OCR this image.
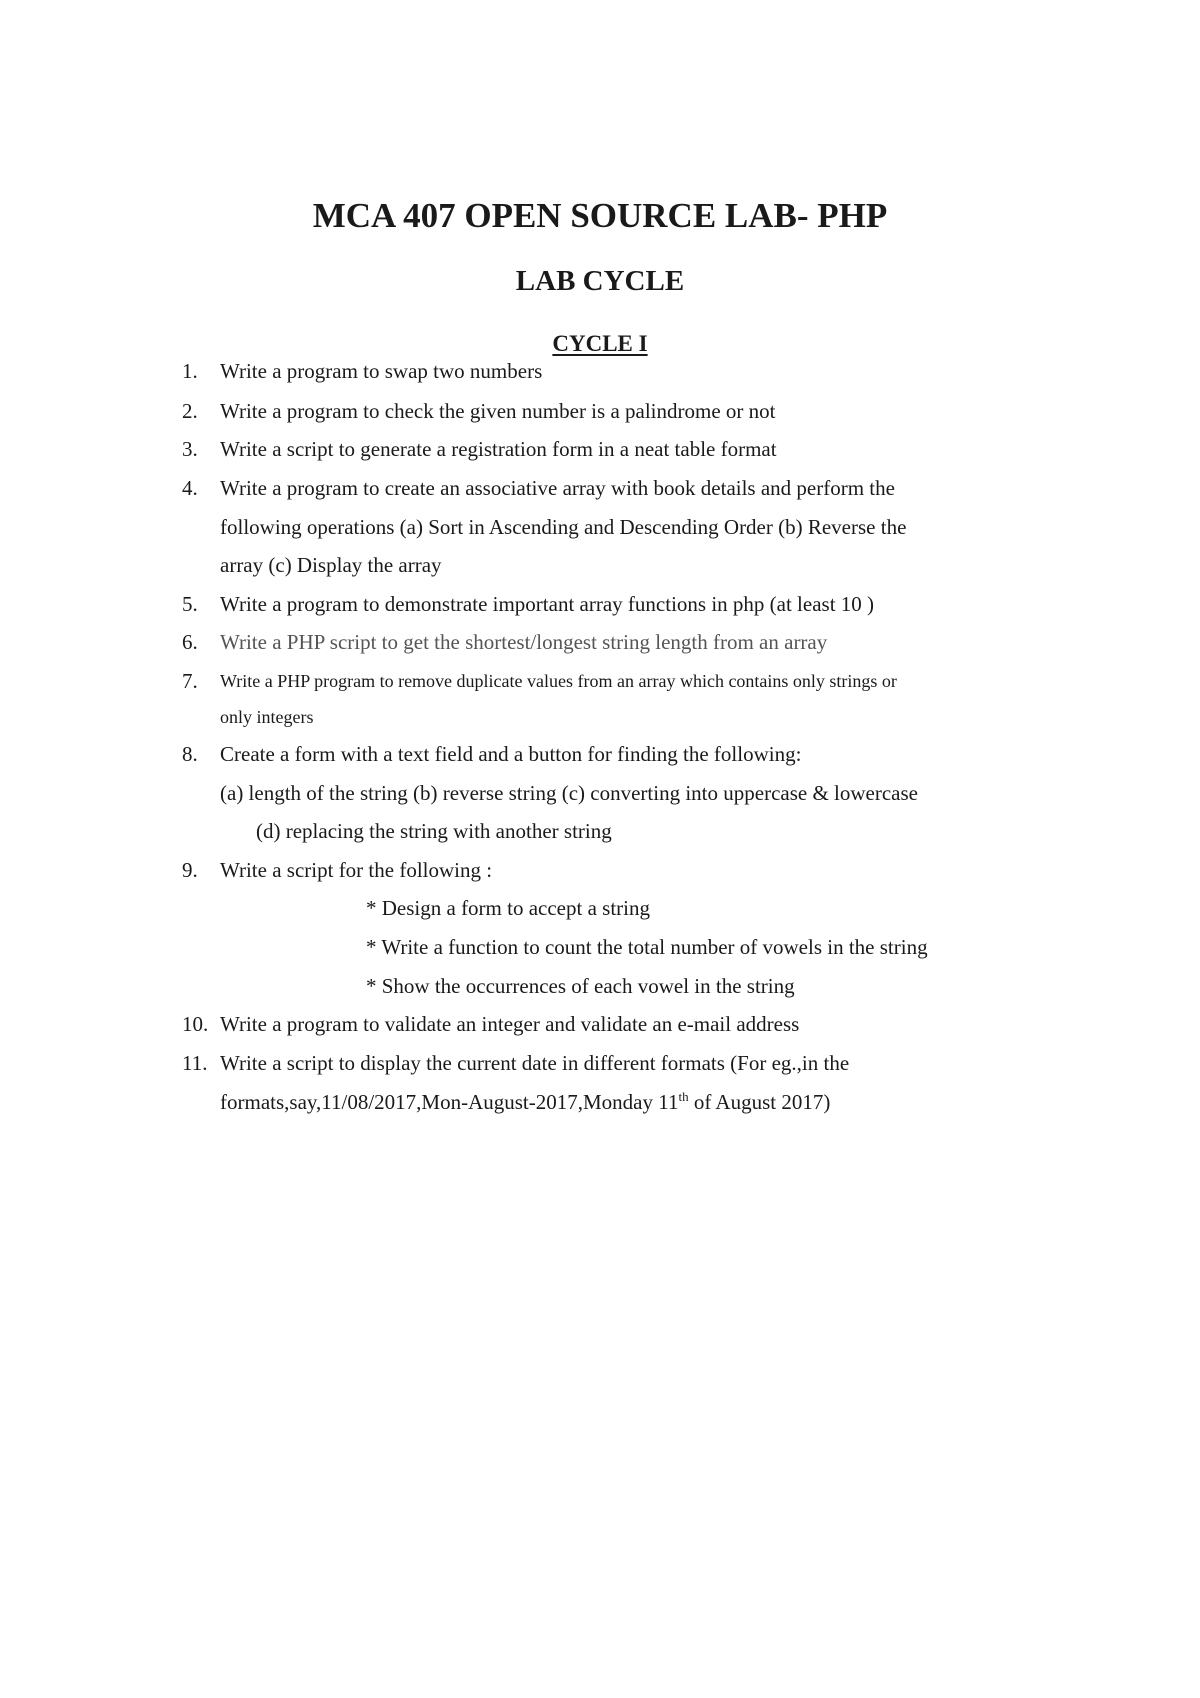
MCA 407 OPEN SOURCE LAB- PHP
LAB CYCLE
CYCLE I
1. Write a program to swap two numbers
2. Write a program to check the given number is a palindrome or not
3. Write a script to generate a registration form in a neat table format
4. Write a program to create an associative array with book details and perform the
following operations (a) Sort in Ascending and Descending Order (b) Reverse the
array (c) Display the array
5. Write a program to demonstrate important array functions in php (at least 10 )
6. Write a PHP script to get the shortest/longest string length from an array
7. Write a PHP program to remove duplicate values from an array which contains only strings or
only integers
8. Create a form with a text field and a button for finding the following:
(a) length of the string (b) reverse string (c) converting into uppercase & lowercase
(d) replacing the string with another string
9. Write a script for the following :
* Design a form to accept a string
* Write a function to count the total number of vowels in the string
* Show the occurrences of each vowel in the string
10. Write a program to validate an integer and validate an e-mail address
11. Write a script to display the current date in different formats (For eg.,in the
formats,say,11/08/2017,Mon-August-2017,Monday 11th of August 2017)
